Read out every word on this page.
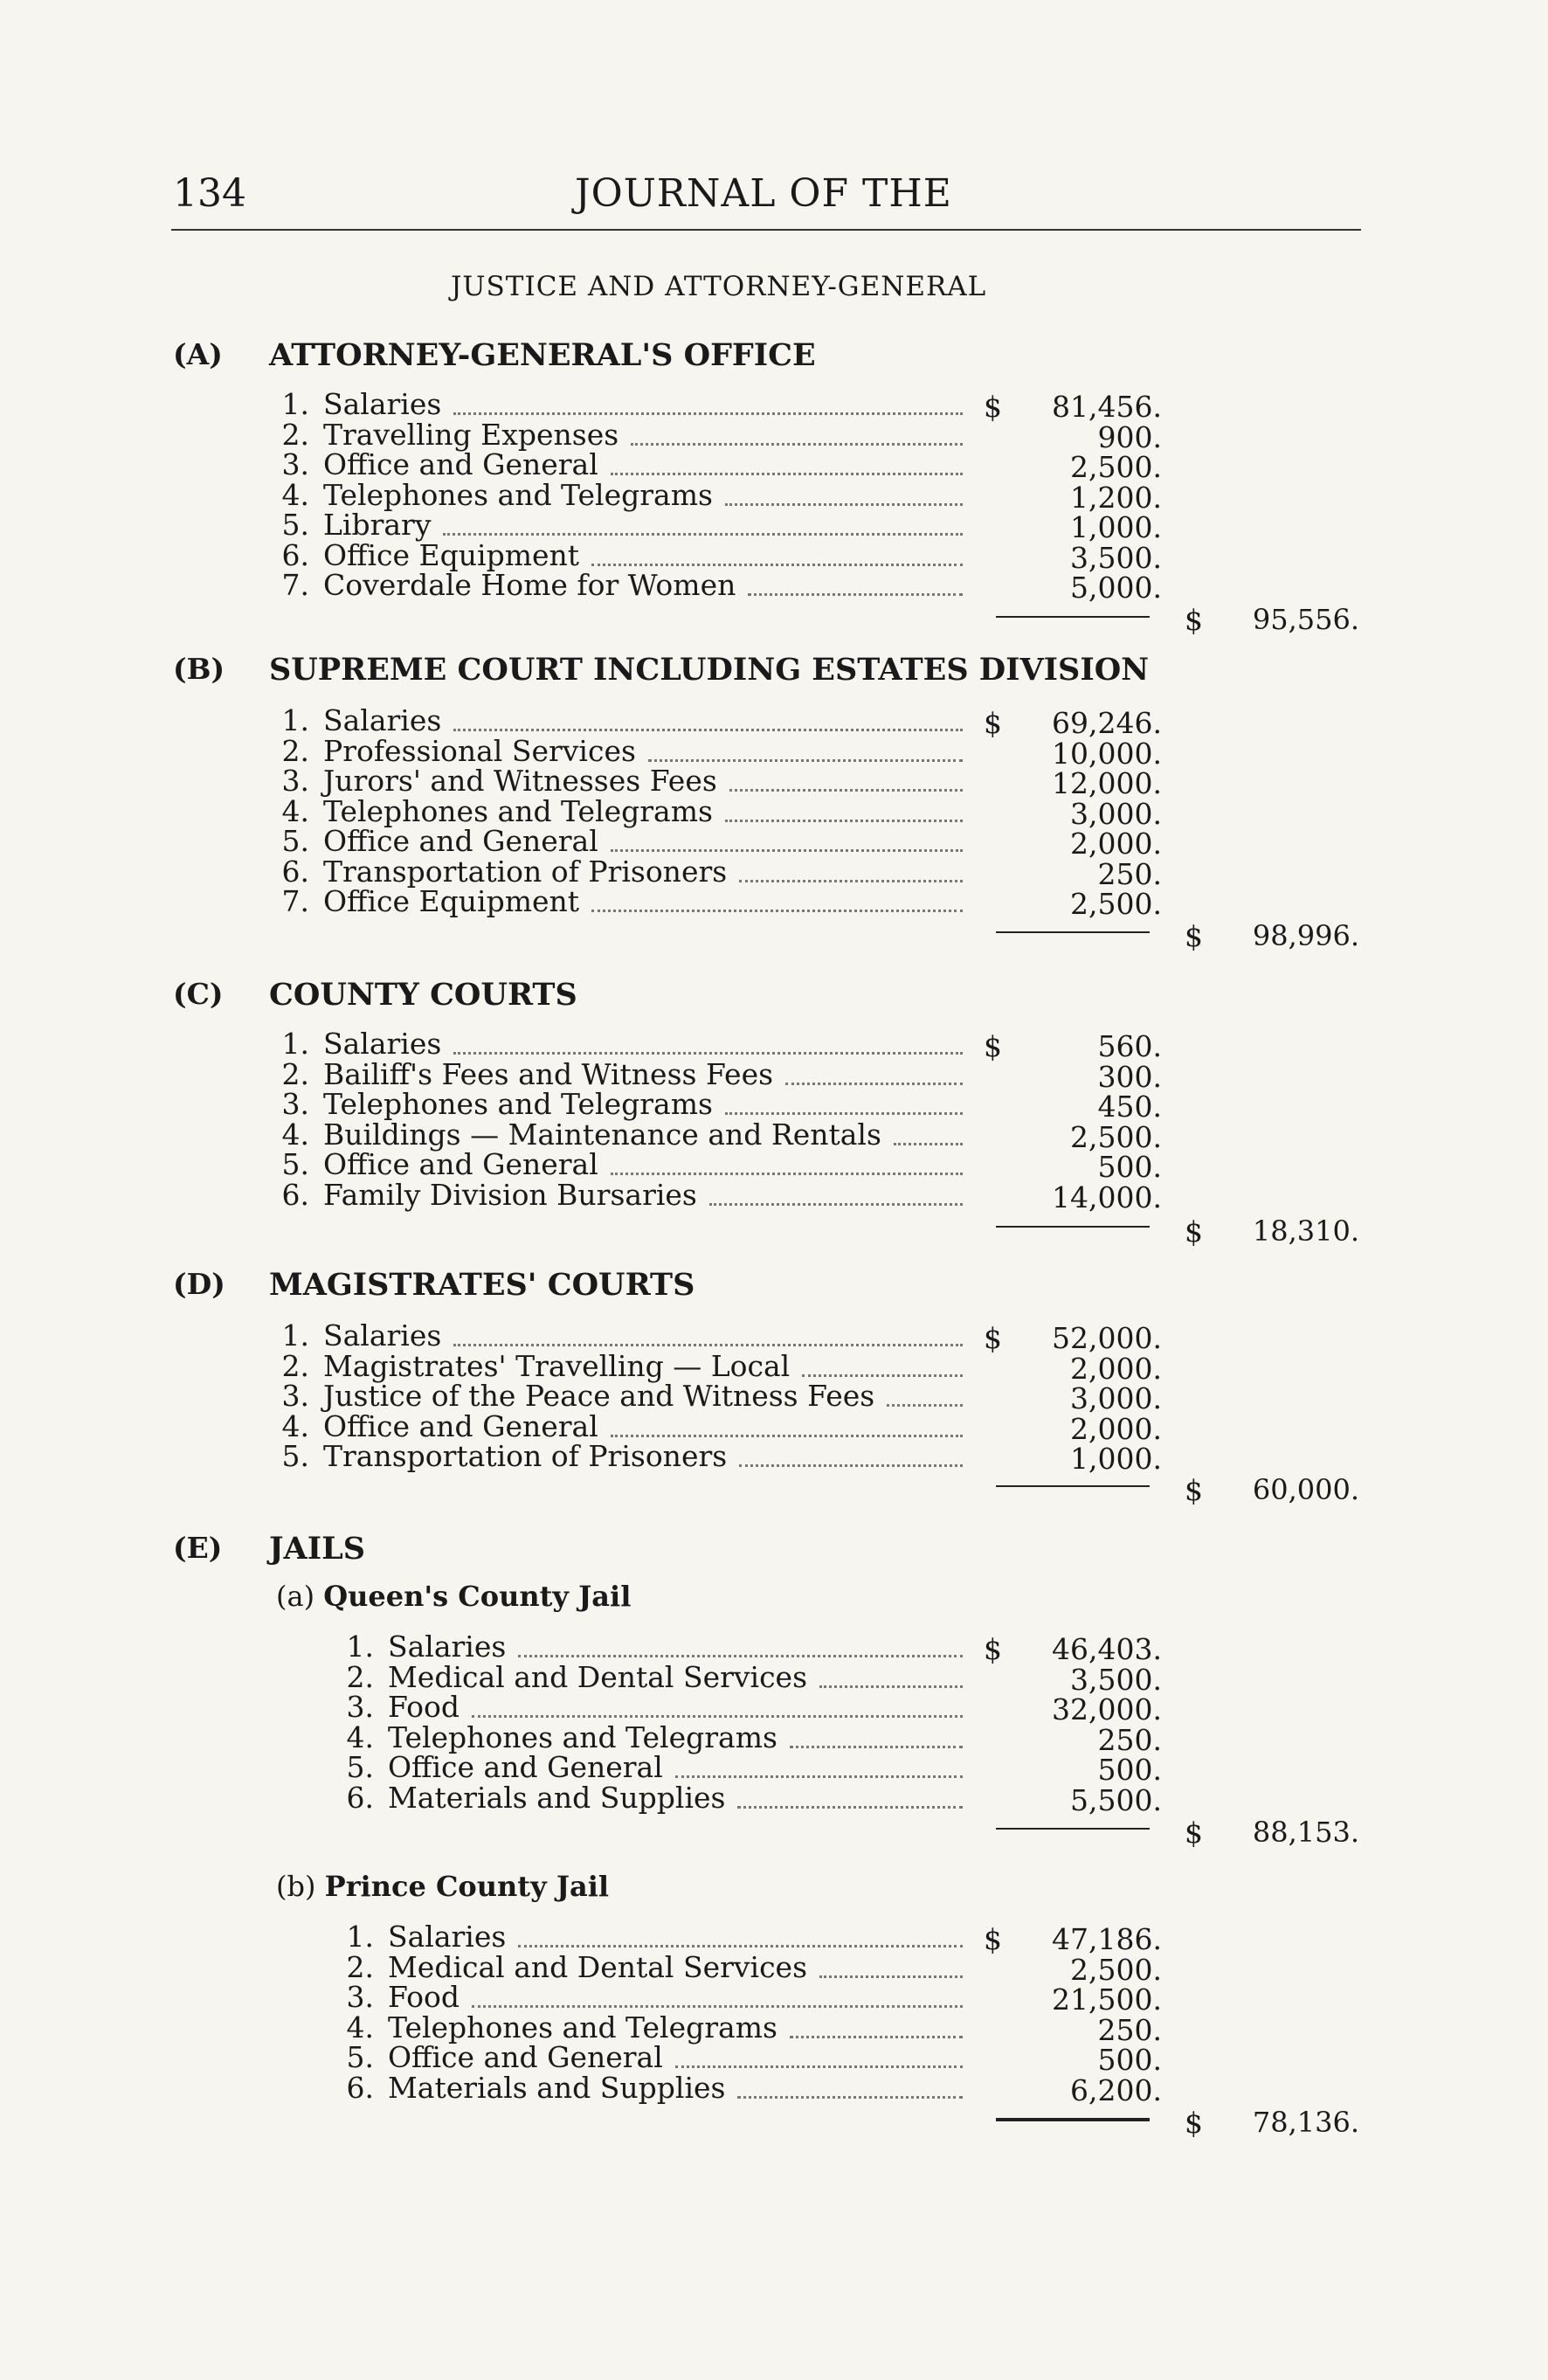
134	JOURNAL OF THE
JUSTICE AND ATTORNEY-GENERAL
(A) ATTORNEY-GENERAL'S OFFICE
1. Salaries	$	81,456.
2. Travelling Expenses	900.
3. Office and General	2,500.
4. Telephones and Telegrams	1,200.
5. Library	1,000.
6. Office Equipment	3,500.
7. Coverdale Home for Women	5,000.
$	95,556.
(B) SUPREME COURT INCLUDING ESTATES DIVISION
1. Salaries	$	69,246.
2. Professional Services	10,000.
3. Jurors' and Witnesses Fees	12,000.
4. Telephones and Telegrams	3,000.
5. Office and General	2,000.
6. Transportation of Prisoners	250.
7. Office Equipment	2,500.
$	98,996.
(C) COUNTY COURTS
1. Salaries	$	560.
2. Bailiff's Fees and Witness Fees	300.
3. Telephones and Telegrams	450.
4. Buildings — Maintenance and Rentals	2,500.
5. Office and General	500.
6. Family Division Bursaries	14,000.
$	18,310.
(D) MAGISTRATES' COURTS
1. Salaries	$	52,000.
2. Magistrates' Travelling — Local	2,000.
3. Justice of the Peace and Witness Fees	3,000.
4. Office and General	2,000.
5. Transportation of Prisoners	1,000.
$	60,000.
(E) JAILS
(a) Queen's County Jail
1. Salaries	$	46,403.
2. Medical and Dental Services	3,500.
3. Food	32,000.
4. Telephones and Telegrams	250.
5. Office and General	500.
6. Materials and Supplies	5,500.
$	88,153.
(b) Prince County Jail
1. Salaries	$	47,186.
2. Medical and Dental Services	2,500.
3. Food	21,500.
4. Telephones and Telegrams	250.
5. Office and General	500.
6. Materials and Supplies	6,200.
$	78,136.
